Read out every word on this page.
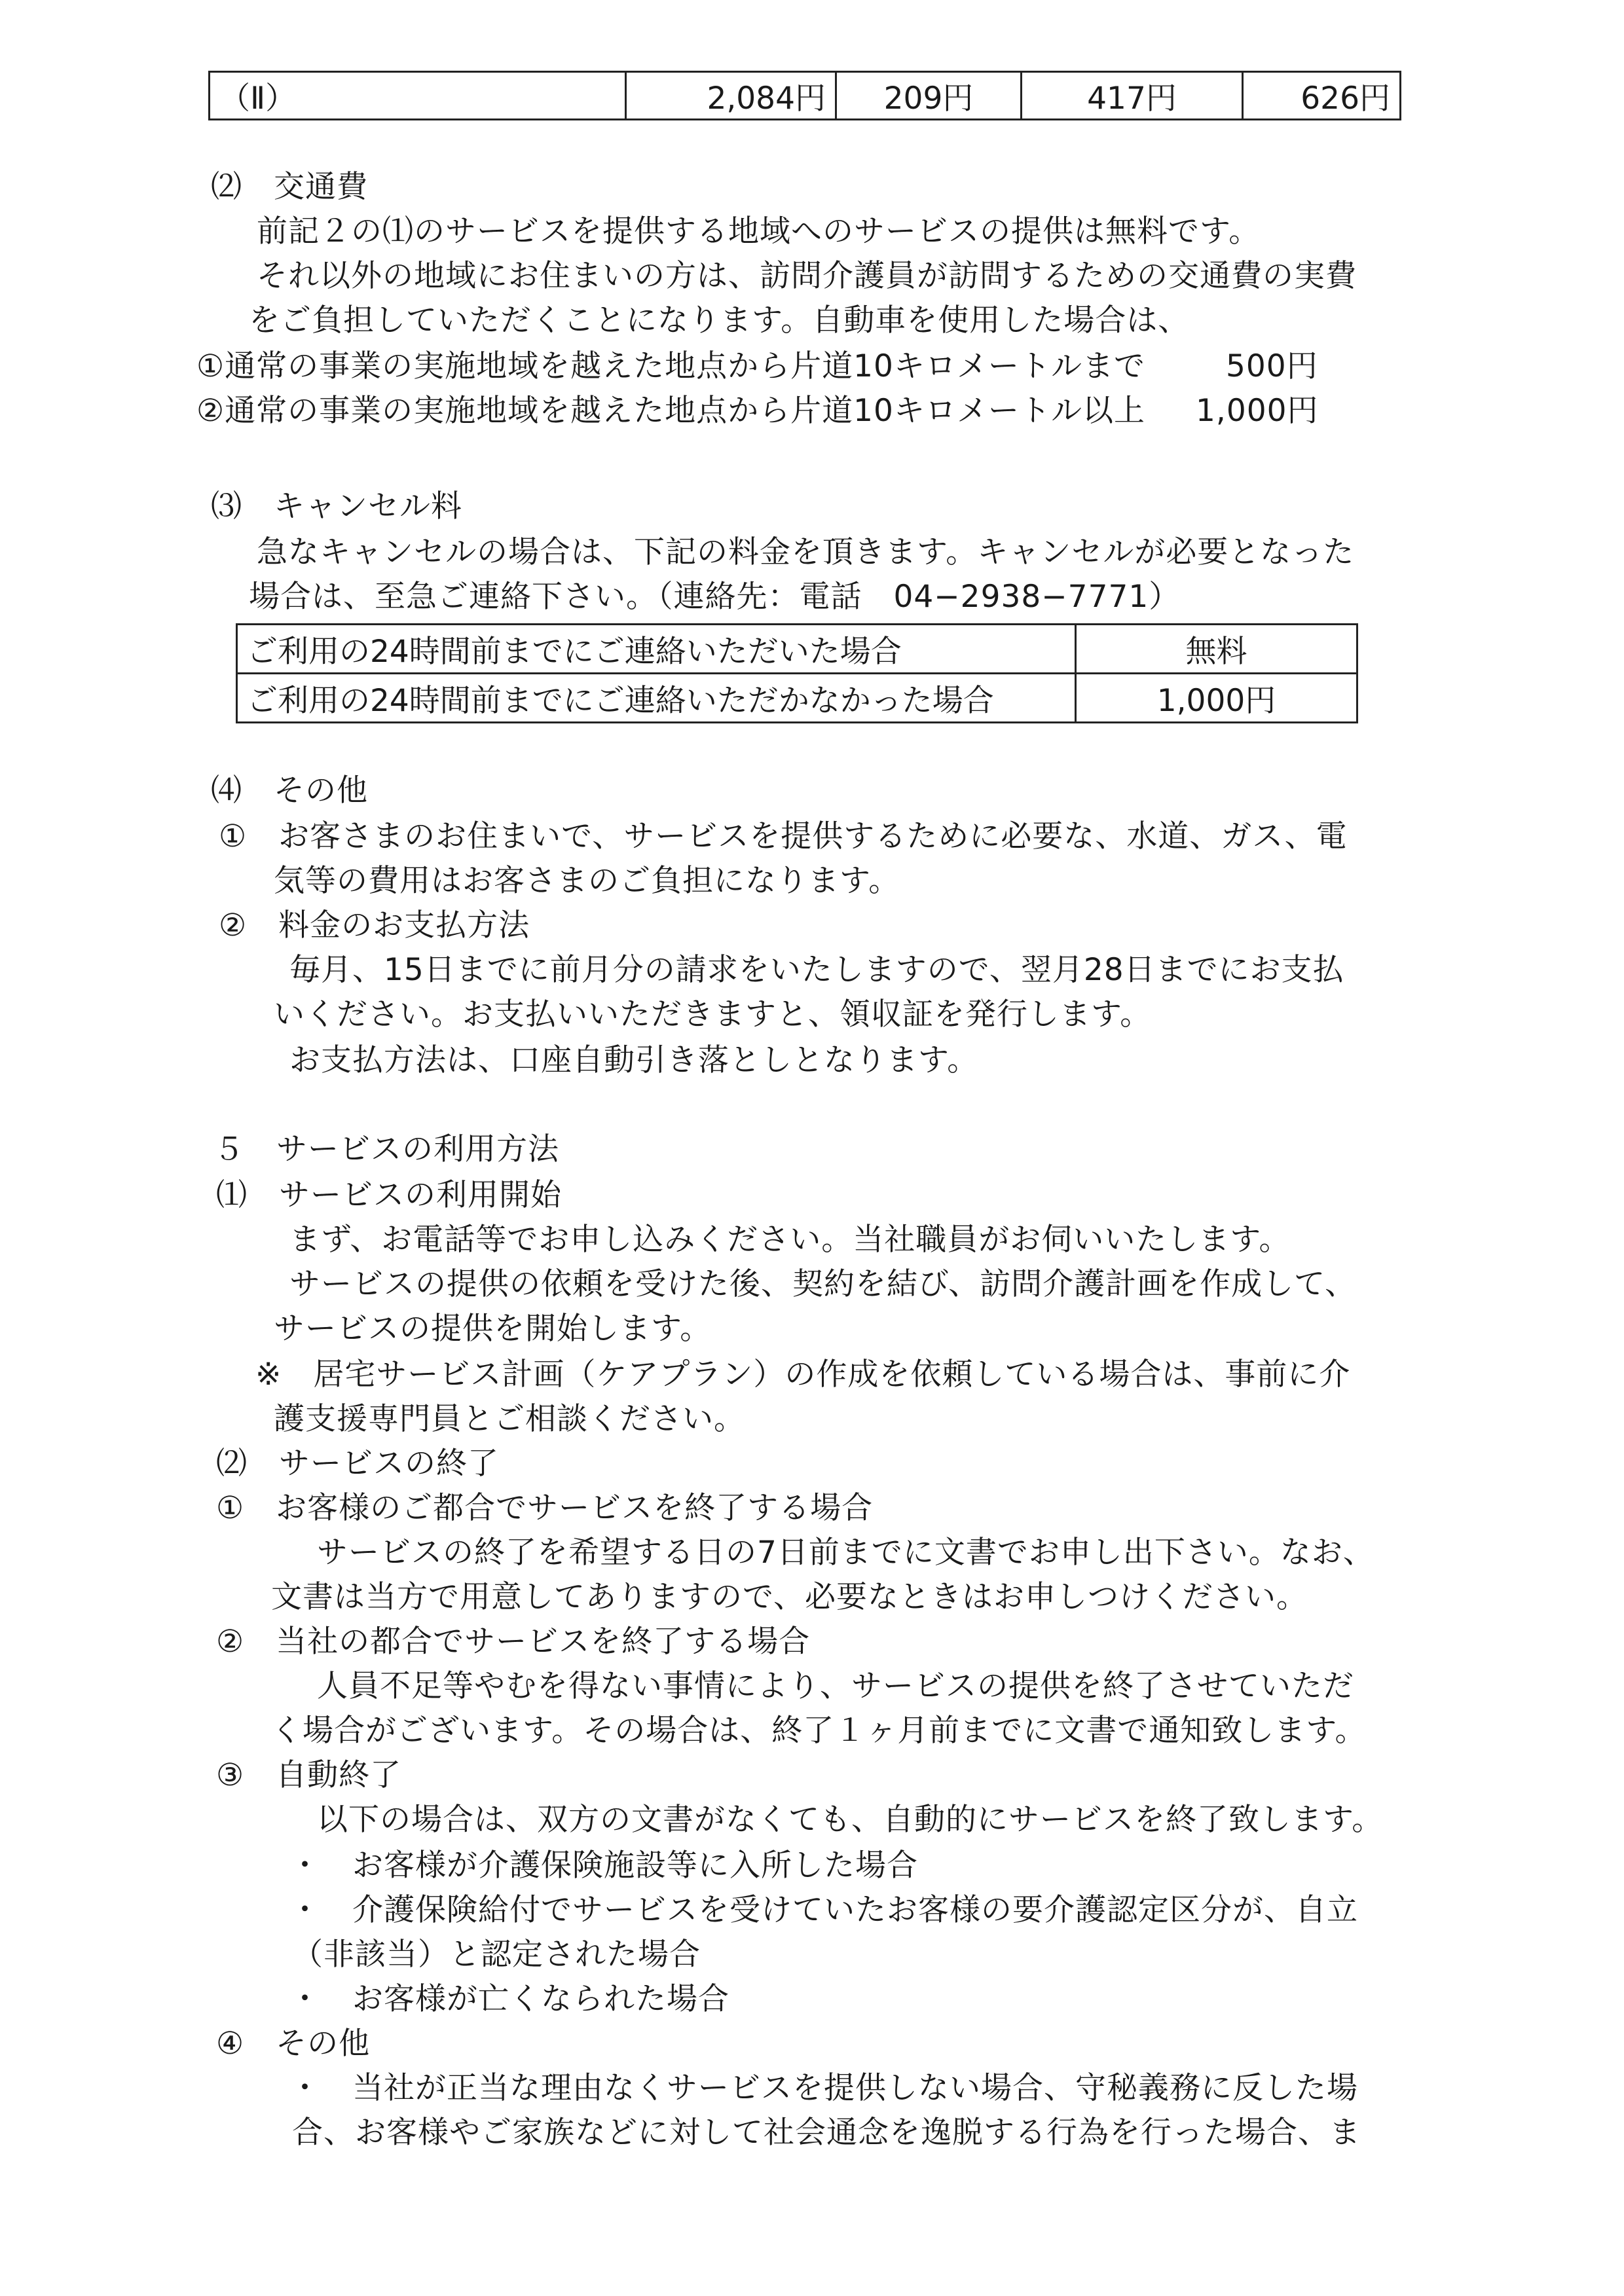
（Ⅱ）	2,084円	209円	417円	626円
⑵　交通費
前記２の⑴のサービスを提供する地域へのサービスの提供は無料です。
それ以外の地域にお住まいの方は、訪問介護員が訪問するための交通費の実費
をご負担していただくことになります。自動車を使用した場合は、
①通常の事業の実施地域を越えた地点から片道10キロメートルまで	500円
②通常の事業の実施地域を越えた地点から片道10キロメートル以上 1,000円
⑶　キャンセル料
急なキャンセルの場合は、下記の料金を頂きます。キャンセルが必要となった
場合は、至急ご連絡下さい。（連絡先：電話　04−2938−7771）
ご利用の24時間前までにご連絡いただいた場合	無料
ご利用の24時間前までにご連絡いただかなかった場合	1,000円
⑷　その他
①　お客さまのお住まいで、サービスを提供するために必要な、水道、ガス、電
気等の費用はお客さまのご負担になります。
②　料金のお支払方法
毎月、15日までに前月分の請求をいたしますので、翌月28日までにお支払
いください。お支払いいただきますと、領収証を発行します。
お支払方法は、口座自動引き落としとなります。
５　サービスの利用方法
⑴　サービスの利用開始
まず、お電話等でお申し込みください。当社職員がお伺いいたします。
サービスの提供の依頼を受けた後、契約を結び、訪問介護計画を作成して、
サービスの提供を開始します。
※　居宅サービス計画（ケアプラン）の作成を依頼している場合は、事前に介
護支援専門員とご相談ください。
⑵　サービスの終了
①　お客様のご都合でサービスを終了する場合
サービスの終了を希望する日の7日前までに文書でお申し出下さい。なお、
文書は当方で用意してありますので、必要なときはお申しつけください。
②　当社の都合でサービスを終了する場合
人員不足等やむを得ない事情により、サービスの提供を終了させていただ
く場合がございます。その場合は、終了１ヶ月前までに文書で通知致します。
③　自動終了
以下の場合は、双方の文書がなくても、自動的にサービスを終了致します。
・　お客様が介護保険施設等に入所した場合
・　介護保険給付でサービスを受けていたお客様の要介護認定区分が、自立
（非該当）と認定された場合
・　お客様が亡くなられた場合
④　その他
・　当社が正当な理由なくサービスを提供しない場合、守秘義務に反した場
合、お客様やご家族などに対して社会通念を逸脱する行為を行った場合、ま
